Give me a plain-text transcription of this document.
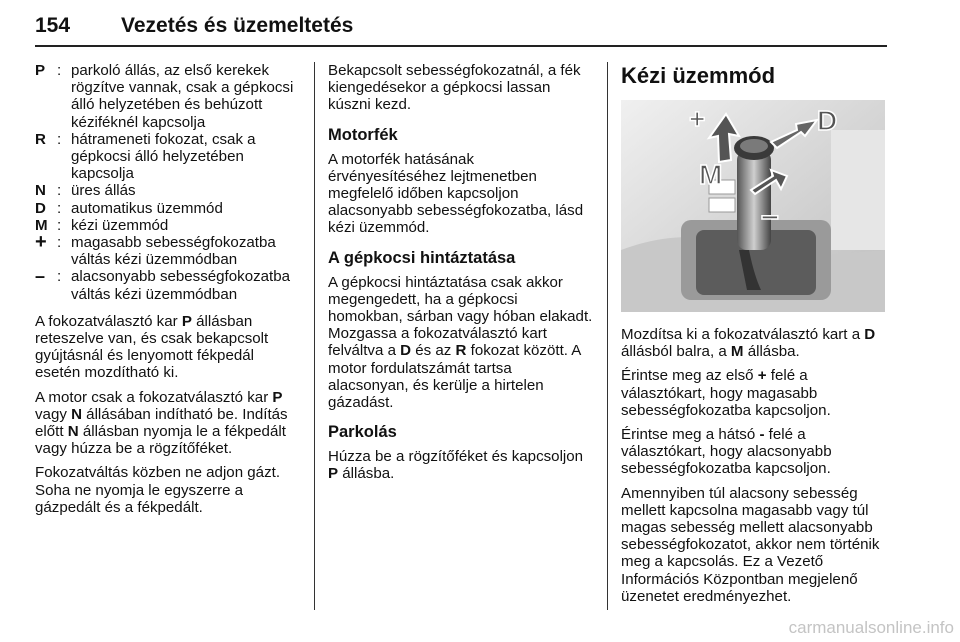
154 Vezetés és üzemeltetés
P : parkoló állás, az első kerekek rögzítve vannak, csak a gépkocsi álló helyzetében és behúzott kéziféknél kapcsolja
R : hátrameneti fokozat, csak a gépkocsi álló helyzetében kapcsolja
N : üres állás
D : automatikus üzemmód
M : kézi üzemmód
+ : magasabb sebességfokozatba váltás kézi üzemmódban
– : alacsonyabb sebességfokozatba váltás kézi üzemmódban

A fokozatválasztó kar P állásban reteszelve van, és csak bekapcsolt gyújtásnál és lenyomott fékpedál esetén mozdítható ki.

A motor csak a fokozatválasztó kar P vagy N állásában indítható be. Indítás előtt N állásban nyomja le a fékpedált vagy húzza be a rögzítőféket.

Fokozatváltás közben ne adjon gázt. Soha ne nyomja le egyszerre a gázpedált és a fékpedált.

Bekapcsolt sebességfokozatnál, a fék kiengedésekor a gépkocsi lassan kúszni kezd.

Motorfék

A motorfék hatásának érvényesítéséhez lejtmenetben megfelelő időben kapcsoljon alacsonyabb sebességfokozatba, lásd kézi üzemmód.

A gépkocsi hintáztatása

A gépkocsi hintáztatása csak akkor megengedett, ha a gépkocsi homokban, sárban vagy hóban elakadt. Mozgassa a fokozatválasztó kart felváltva a D és az R fokozat között. A motor fordulatszámát tartsa alacsonyan, és kerülje a hirtelen gázadást.

Parkolás

Húzza be a rögzítőféket és kapcsoljon P állásba.

Kézi üzemmód
+	D
M
–

Mozdítsa ki a fokozatválasztó kart a D állásból balra, a M állásba.

Érintse meg az első + felé a választókart, hogy magasabb sebességfokozatba kapcsoljon.

Érintse meg a hátsó - felé a választókart, hogy alacsonyabb sebességfokozatba kapcsoljon.

Amennyiben túl alacsony sebesség mellett kapcsolna magasabb vagy túl magas sebesség mellett alacsonyabb sebességfokozatot, akkor nem történik meg a kapcsolás. Ez a Vezető Információs Központban megjelenő üzenetet eredményezhet.

carmanualsonline.info
